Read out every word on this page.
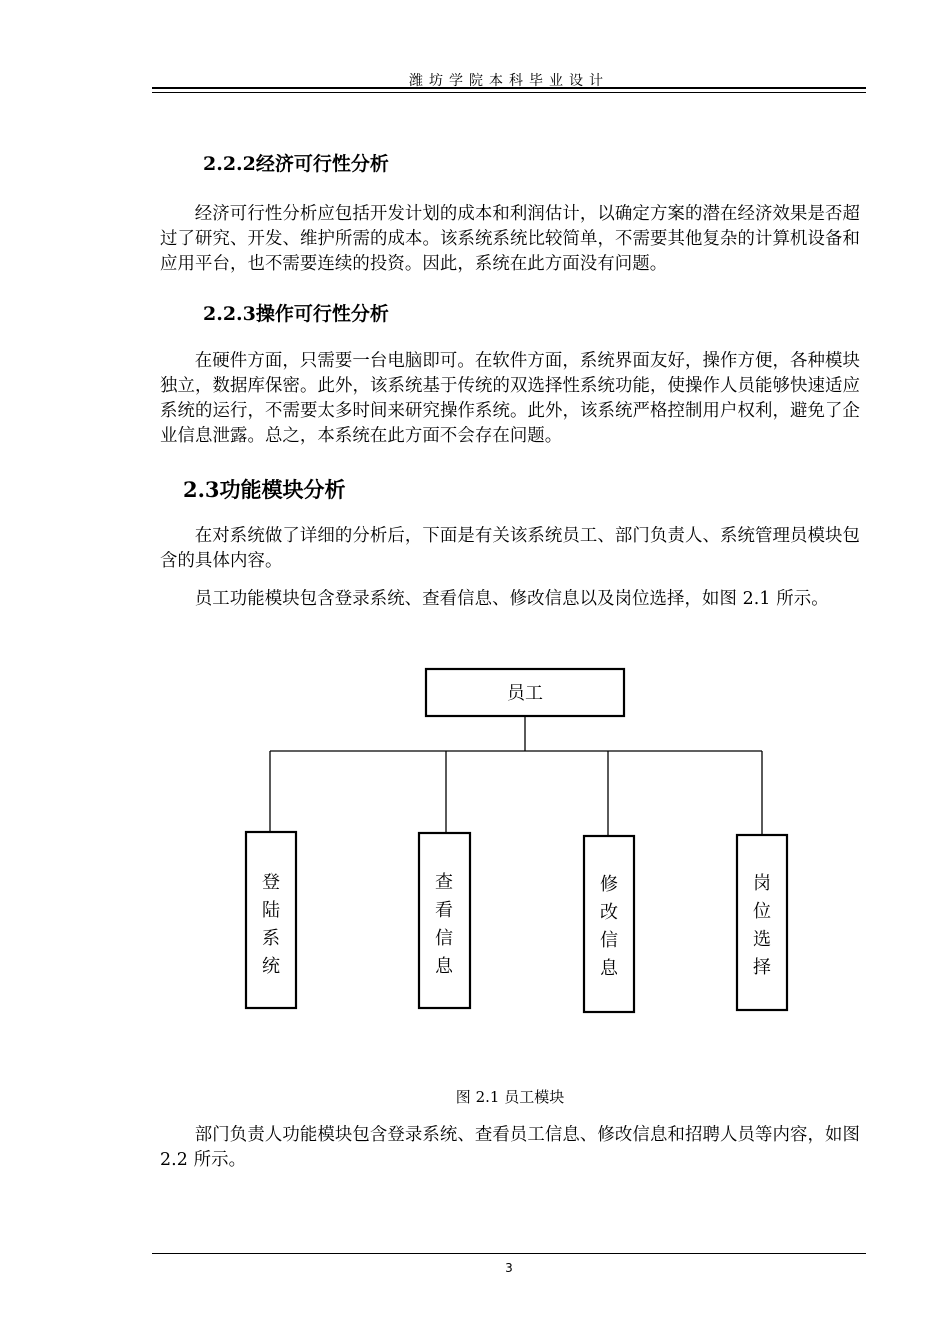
潍坊学院本科毕业设计
2.2.2经济可行性分析
经济可行性分析应包括开发计划的成本和利润估计，以确定方案的潜在经济效果是否超过了研究、开发、维护所需的成本。该系统系统比较简单，不需要其他复杂的计算机设备和应用平台，也不需要连续的投资。因此，系统在此方面没有问题。
2.2.3操作可行性分析
在硬件方面，只需要一台电脑即可。在软件方面，系统界面友好，操作方便，各种模块独立，数据库保密。此外，该系统基于传统的双选择性系统功能，使操作人员能够快速适应系统的运行，不需要太多时间来研究操作系统。此外，该系统严格控制用户权利，避免了企业信息泄露。总之，本系统在此方面不会存在问题。
2.3功能模块分析
在对系统做了详细的分析后，下面是有关该系统员工、部门负责人、系统管理员模块包含的具体内容。
员工功能模块包含登录系统、查看信息、修改信息以及岗位选择，如图 2.1 所示。
员工
登陆系统
查看信息
修改信息
岗位选择
图 2.1 员工模块
部门负责人功能模块包含登录系统、查看员工信息、修改信息和招聘人员等内容，如图 2.2 所示。
3
